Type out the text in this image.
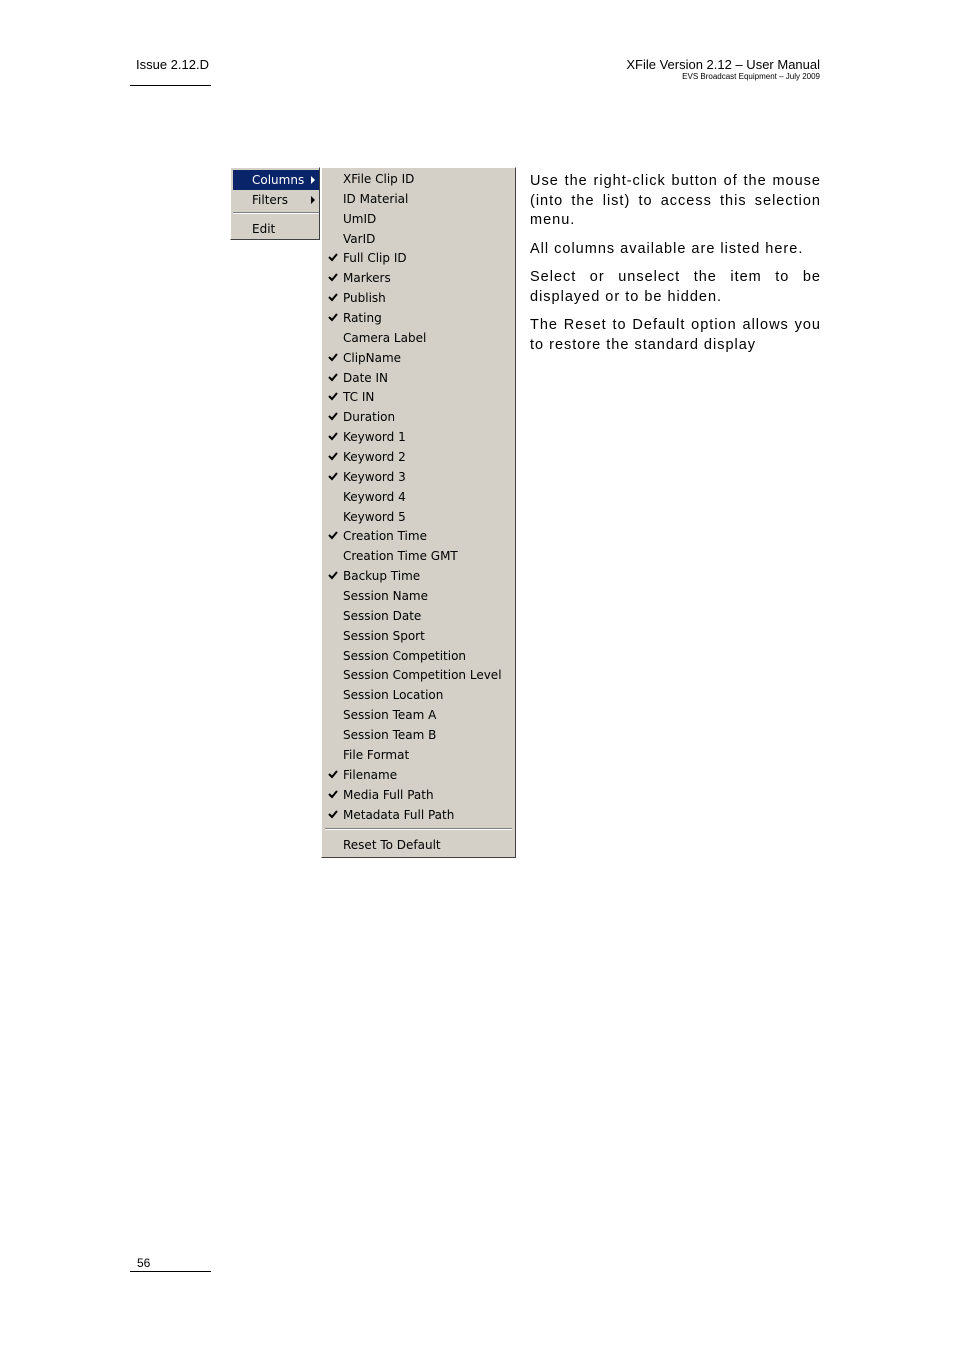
Issue 2.12.D	XFile Version 2.12 – User Manual
EVS Broadcast Equipment – July 2009
Columns
Filters
Edit
XFile Clip ID
ID Material
UmID
VarID
Full Clip ID
Markers
Publish
Rating
Camera Label
ClipName
Date IN
TC IN
Duration
Keyword 1
Keyword 2
Keyword 3
Keyword 4
Keyword 5
Creation Time
Creation Time GMT
Backup Time
Session Name
Session Date
Session Sport
Session Competition
Session Competition Level
Session Location
Session Team A
Session Team B
File Format
Filename
Media Full Path
Metadata Full Path
Reset To Default

Use the right-click button of the mouse (into the list) to access this selection menu.

All columns available are listed here.

Select or unselect the item to be displayed or to be hidden.

The Reset to Default option allows you to restore the standard display

56
